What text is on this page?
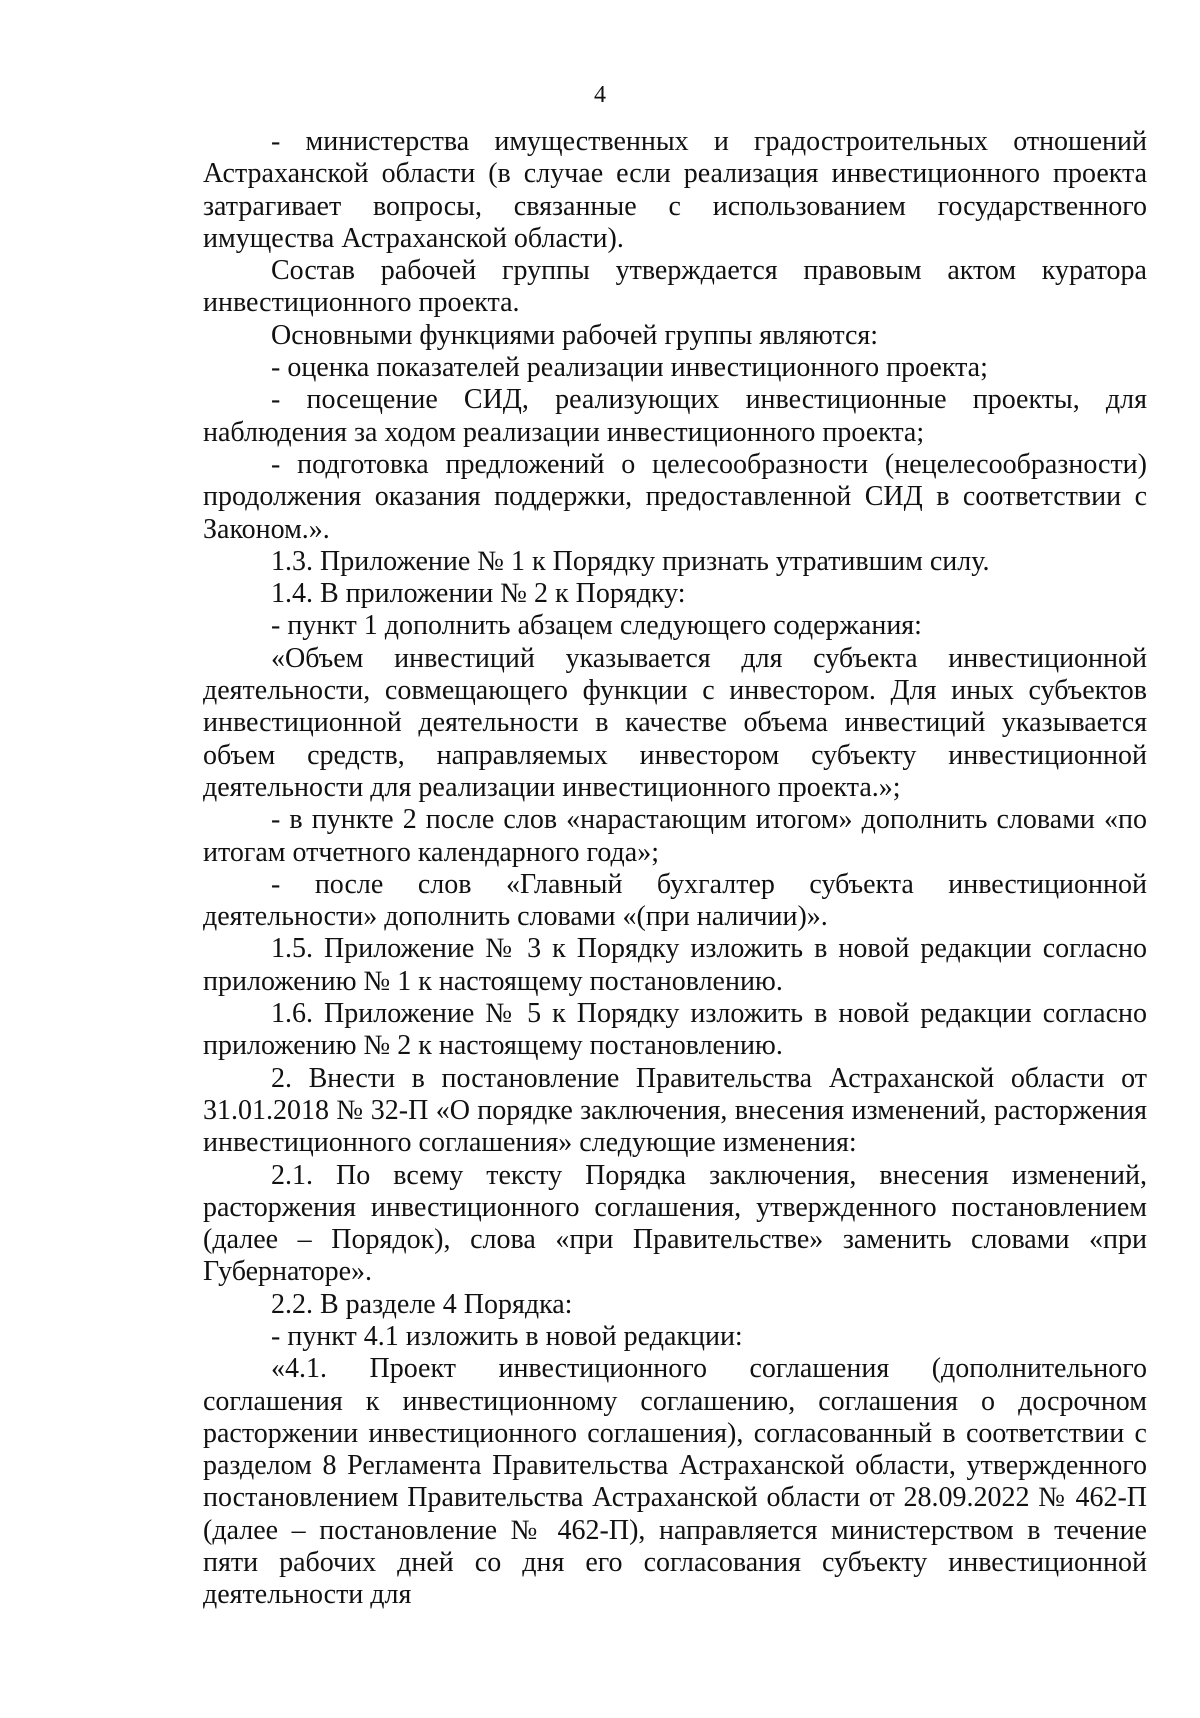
4

- министерства имущественных и градостроительных отношений Астраханской области (в случае если реализация инвестиционного проекта затрагивает вопросы, связанные с использованием государственного имущества Астраханской области).

Состав рабочей группы утверждается правовым актом куратора инвестиционного проекта.

Основными функциями рабочей группы являются:

- оценка показателей реализации инвестиционного проекта;

- посещение СИД, реализующих инвестиционные проекты, для наблюдения за ходом реализации инвестиционного проекта;

- подготовка предложений о целесообразности (нецелесообразности) продолжения оказания поддержки, предоставленной СИД в соответствии с Законом.».

1.3. Приложение № 1 к Порядку признать утратившим силу.

1.4. В приложении № 2 к Порядку:

- пункт 1 дополнить абзацем следующего содержания:

«Объем инвестиций указывается для субъекта инвестиционной деятельности, совмещающего функции с инвестором. Для иных субъектов инвестиционной деятельности в качестве объема инвестиций указывается объем средств, направляемых инвестором субъекту инвестиционной деятельности для реализации инвестиционного проекта.»;

- в пункте 2 после слов «нарастающим итогом» дополнить словами «по итогам отчетного календарного года»;

- после слов «Главный бухгалтер субъекта инвестиционной деятельности» дополнить словами «(при наличии)».

1.5. Приложение № 3 к Порядку изложить в новой редакции согласно приложению № 1 к настоящему постановлению.

1.6. Приложение № 5 к Порядку изложить в новой редакции согласно приложению № 2 к настоящему постановлению.

2. Внести в постановление Правительства Астраханской области от 31.01.2018 № 32-П «О порядке заключения, внесения изменений, расторжения инвестиционного соглашения» следующие изменения:

2.1. По всему тексту Порядка заключения, внесения изменений, расторжения инвестиционного соглашения, утвержденного постановлением (далее – Порядок), слова «при Правительстве» заменить словами «при Губернаторе».

2.2. В разделе 4 Порядка:

- пункт 4.1 изложить в новой редакции:

«4.1. Проект инвестиционного соглашения (дополнительного соглашения к инвестиционному соглашению, соглашения о досрочном расторжении инвестиционного соглашения), согласованный в соответствии с разделом 8 Регламента Правительства Астраханской области, утвержденного постановлением Правительства Астраханской области от 28.09.2022 № 462-П (далее – постановление № 462-П), направляется министерством в течение пяти рабочих дней со дня его согласования субъекту инвестиционной деятельности для
